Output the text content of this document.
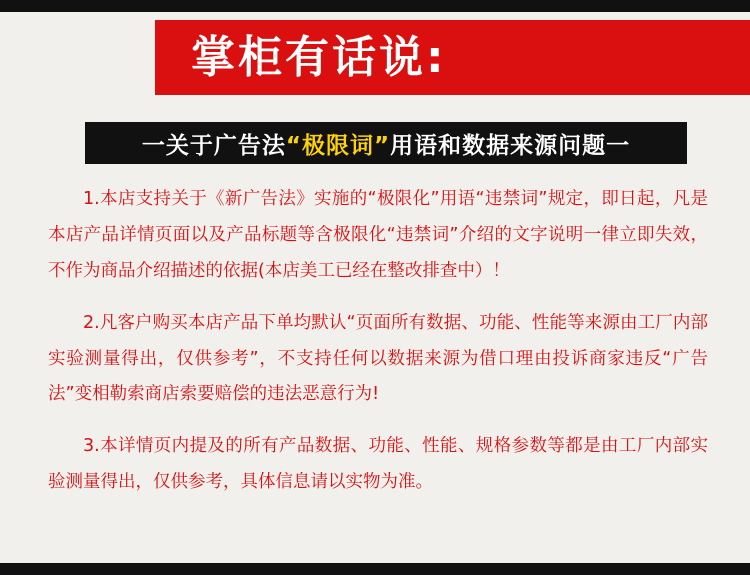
掌柜有话说:
一关于广告法“极限词”用语和数据来源问题一

1.本店支持关于《新广告法》实施的“极限化”用语“违禁词”规定，即日起，凡是本店产品详情页面以及产品标题等含极限化“违禁词”介绍的文字说明一律立即失效，不作为商品介绍描述的依据(本店美工已经在整改排查中）！

2.凡客户购买本店产品下单均默认“页面所有数据、功能、性能等来源由工厂内部实验测量得出，仅供参考”，不支持任何以数据来源为借口理由投诉商家违反“广告法”变相勒索商店索要赔偿的违法恶意行为!

3.本详情页内提及的所有产品数据、功能、性能、规格参数等都是由工厂内部实验测量得出，仅供参考，具体信息请以实物为准。
